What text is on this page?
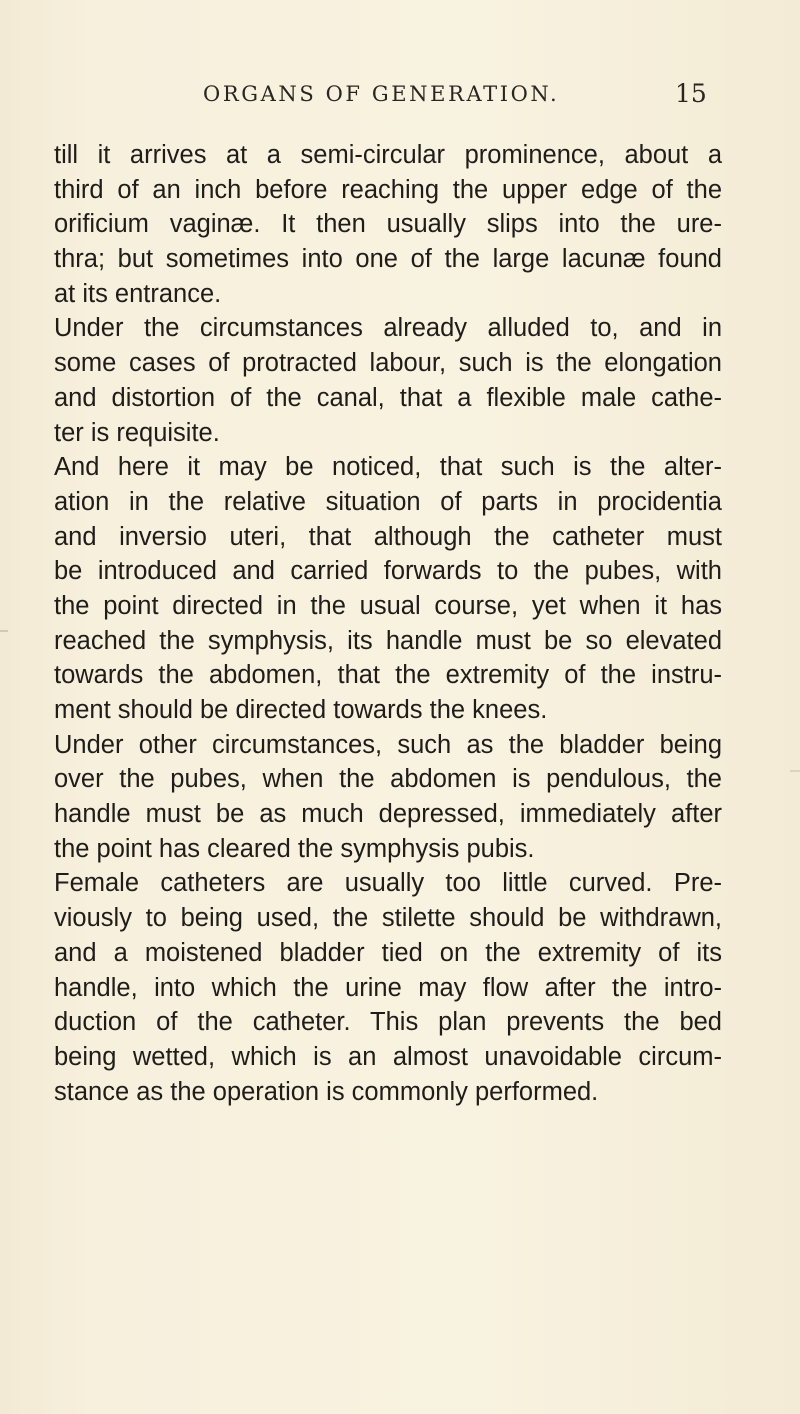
ORGANS OF GENERATION.	15
till it arrives at a semi-circular prominence, about a
third of an inch before reaching the upper edge of the
orificium vaginæ. It then usually slips into the ure-
thra; but sometimes into one of the large lacunæ found
at its entrance.
Under the circumstances already alluded to, and in
some cases of protracted labour, such is the elongation
and distortion of the canal, that a flexible male cathe-
ter is requisite.
And here it may be noticed, that such is the alter-
ation in the relative situation of parts in procidentia
and inversio uteri, that although the catheter must
be introduced and carried forwards to the pubes, with
the point directed in the usual course, yet when it has
reached the symphysis, its handle must be so elevated
towards the abdomen, that the extremity of the instru-
ment should be directed towards the knees.
Under other circumstances, such as the bladder being
over the pubes, when the abdomen is pendulous, the
handle must be as much depressed, immediately after
the point has cleared the symphysis pubis.
Female catheters are usually too little curved. Pre-
viously to being used, the stilette should be withdrawn,
and a moistened bladder tied on the extremity of its
handle, into which the urine may flow after the intro-
duction of the catheter. This plan prevents the bed
being wetted, which is an almost unavoidable circum-
stance as the operation is commonly performed.
